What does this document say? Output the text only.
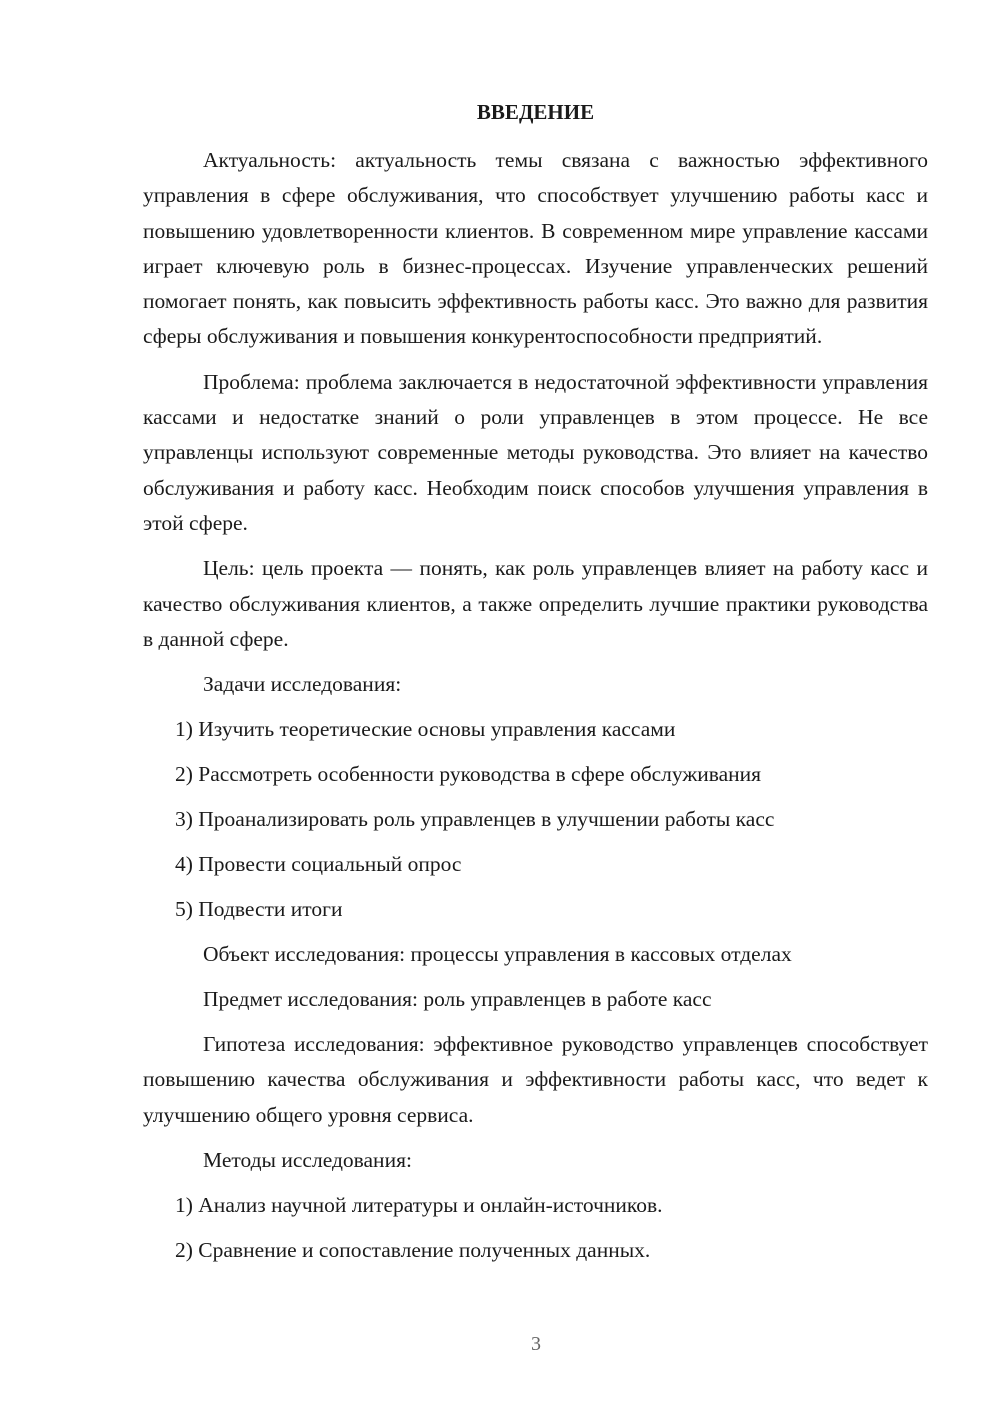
ВВЕДЕНИЕ

Актуальность: актуальность темы связана с важностью эффективного управления в сфере обслуживания, что способствует улучшению работы касс и повышению удовлетворенности клиентов. В современном мире управление кассами играет ключевую роль в бизнес-процессах. Изучение управленческих решений помогает понять, как повысить эффективность работы касс. Это важно для развития сферы обслуживания и повышения конкурентоспособности предприятий.

Проблема: проблема заключается в недостаточной эффективности управления кассами и недостатке знаний о роли управленцев в этом процессе. Не все управленцы используют современные методы руководства. Это влияет на качество обслуживания и работу касс. Необходим поиск способов улучшения управления в этой сфере.

Цель: цель проекта — понять, как роль управленцев влияет на работу касс и качество обслуживания клиентов, а также определить лучшие практики руководства в данной сфере.

Задачи исследования:
1) Изучить теоретические основы управления кассами
2) Рассмотреть особенности руководства в сфере обслуживания
3) Проанализировать роль управленцев в улучшении работы касс
4) Провести социальный опрос
5) Подвести итоги
Объект исследования: процессы управления в кассовых отделах
Предмет исследования: роль управленцев в работе касс

Гипотеза исследования: эффективное руководство управленцев способствует повышению качества обслуживания и эффективности работы касс, что ведет к улучшению общего уровня сервиса.

Методы исследования:
1) Анализ научной литературы и онлайн-источников.
2) Сравнение и сопоставление полученных данных.
3
